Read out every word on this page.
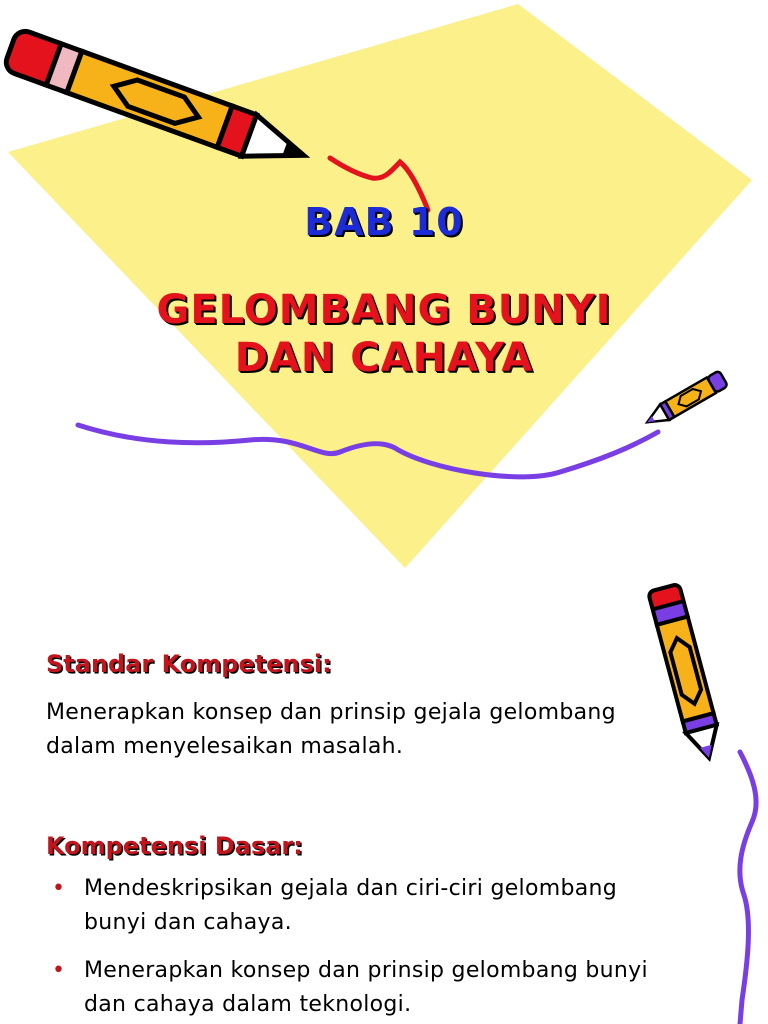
BAB 10
GELOMBANG BUNYI DAN CAHAYA
Standar Kompetensi:
Menerapkan konsep dan prinsip gejala gelombang dalam menyelesaikan masalah.
Kompetensi Dasar:
• Mendeskripsikan gejala dan ciri-ciri gelombang bunyi dan cahaya.
• Menerapkan konsep dan prinsip gelombang bunyi dan cahaya dalam teknologi.
